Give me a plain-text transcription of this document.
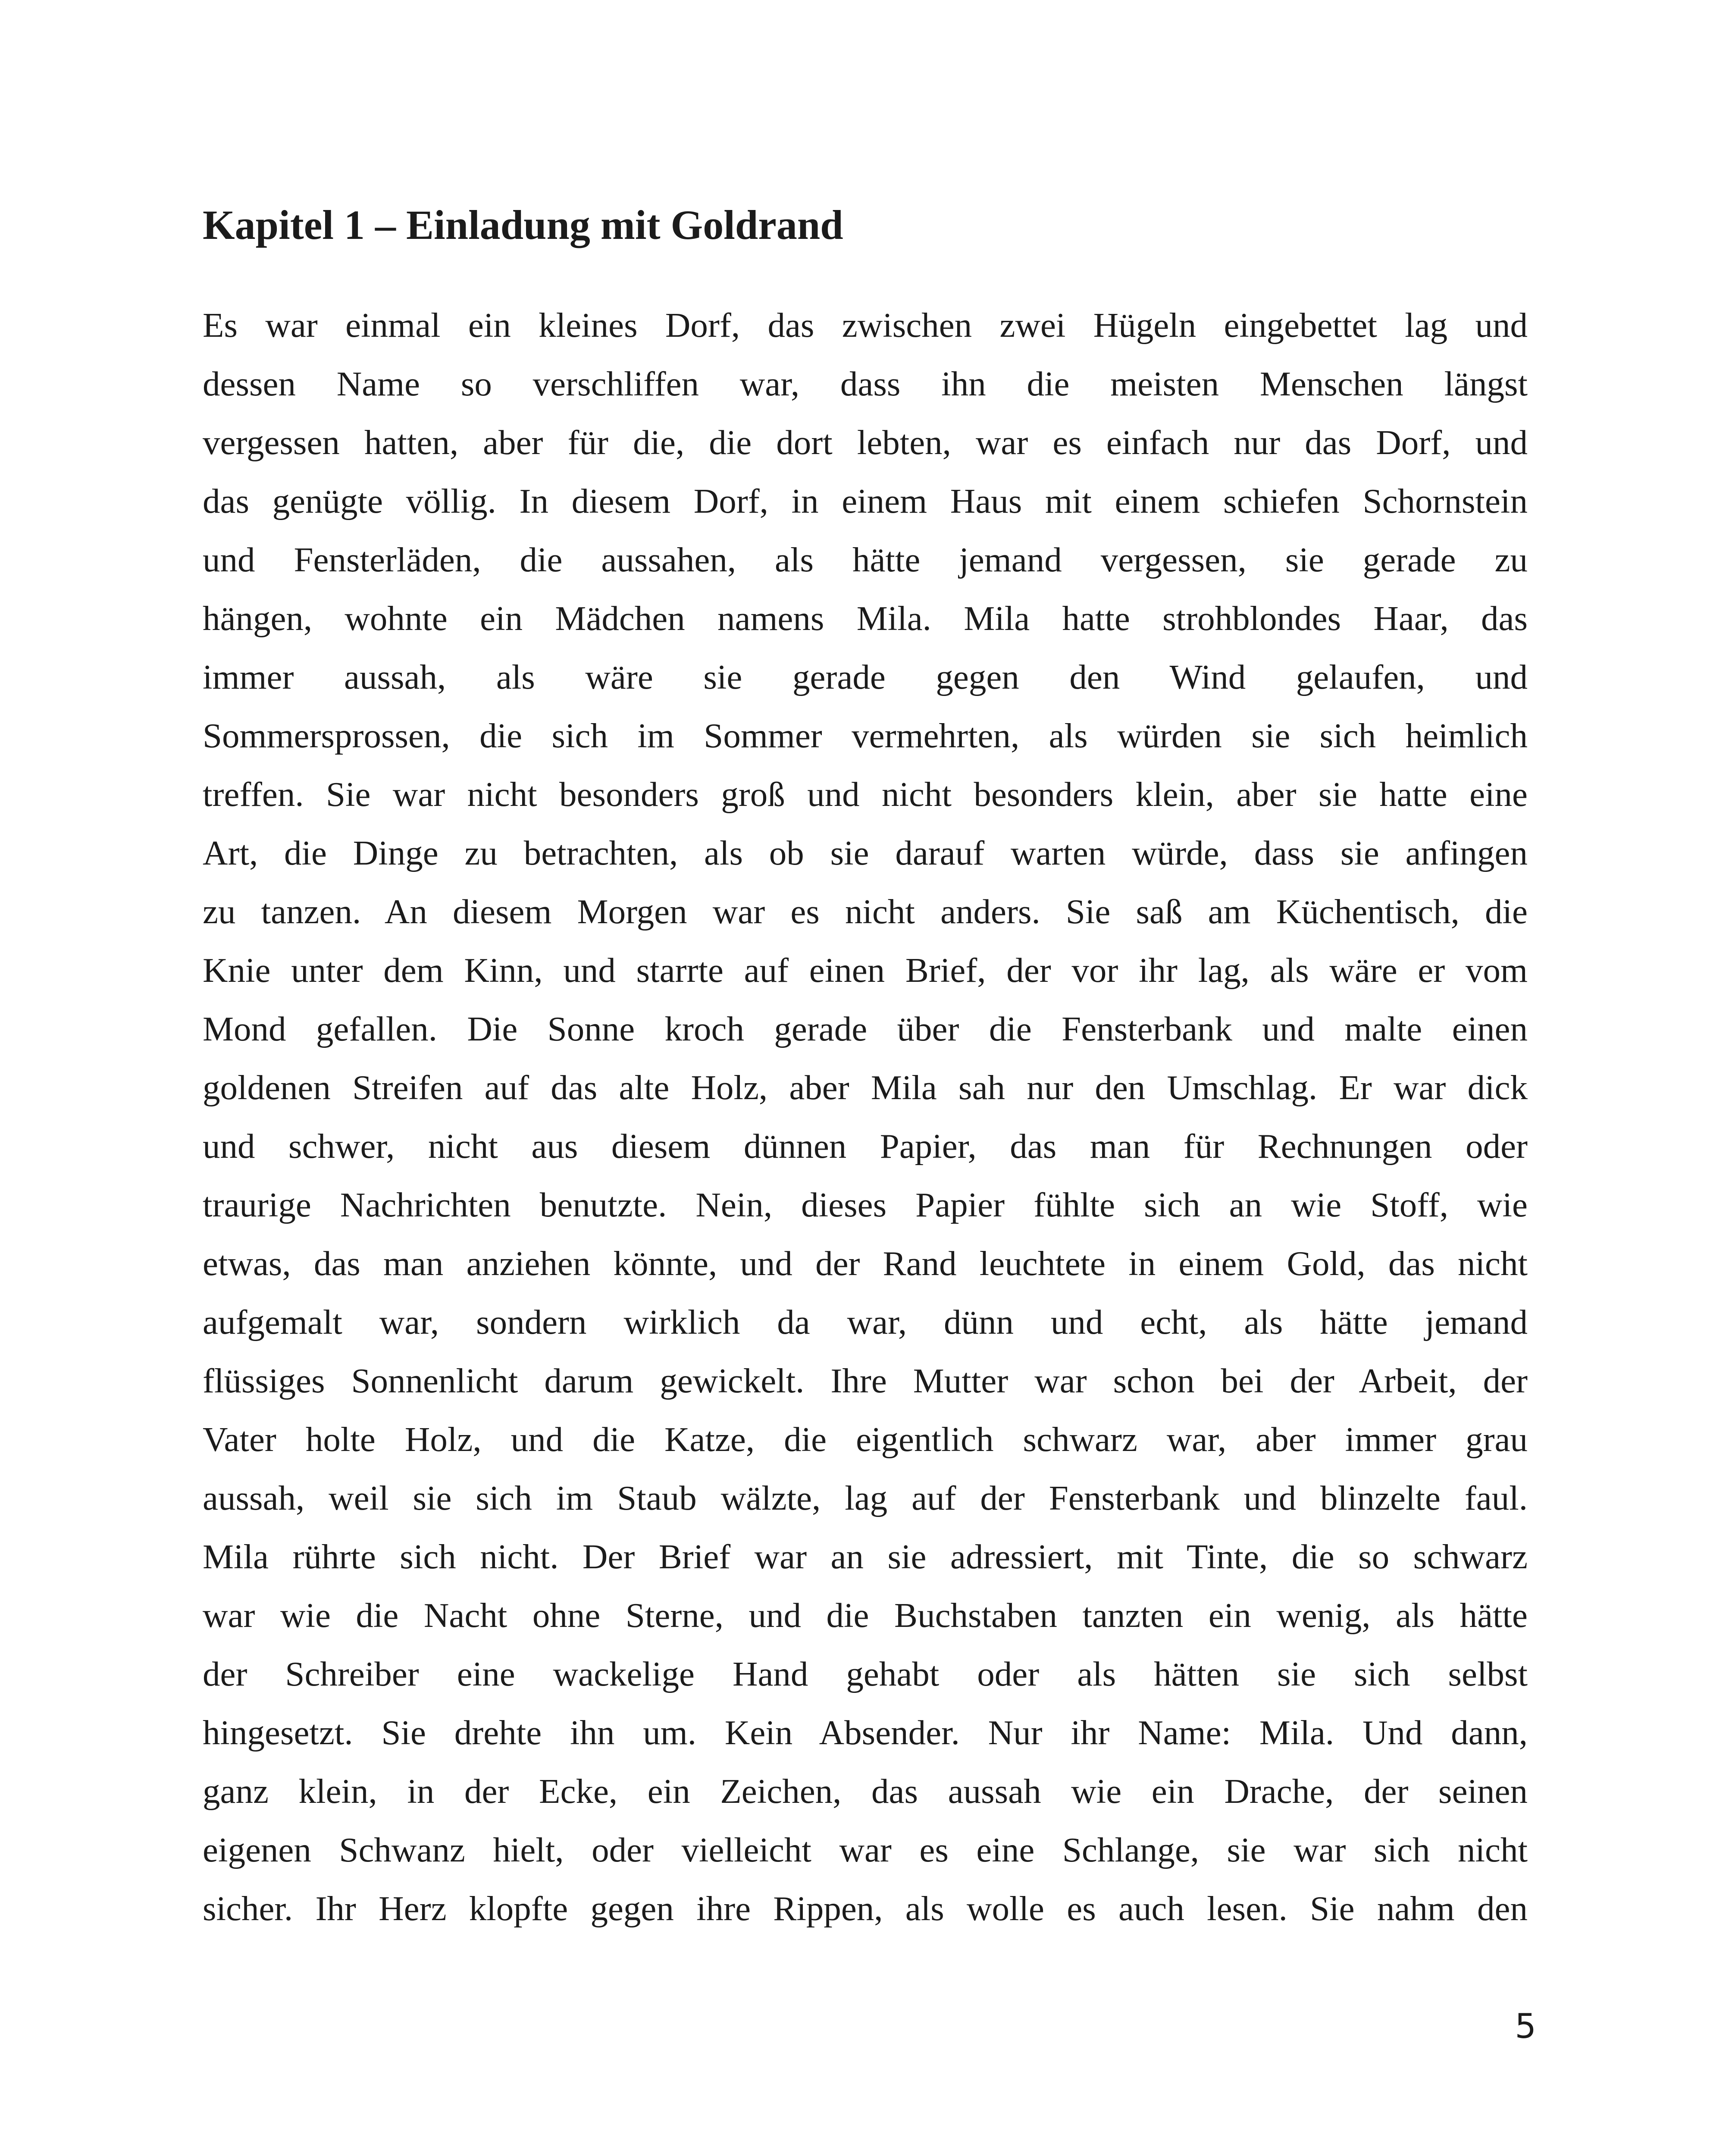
Kapitel 1 – Einladung mit Goldrand
Es war einmal ein kleines Dorf, das zwischen zwei Hügeln eingebettet lag und
dessen Name so verschliffen war, dass ihn die meisten Menschen längst
vergessen hatten, aber für die, die dort lebten, war es einfach nur das Dorf, und
das genügte völlig. In diesem Dorf, in einem Haus mit einem schiefen Schornstein
und Fensterläden, die aussahen, als hätte jemand vergessen, sie gerade zu
hängen, wohnte ein Mädchen namens Mila. Mila hatte strohblondes Haar, das
immer aussah, als wäre sie gerade gegen den Wind gelaufen, und
Sommersprossen, die sich im Sommer vermehrten, als würden sie sich heimlich
treffen. Sie war nicht besonders groß und nicht besonders klein, aber sie hatte eine
Art, die Dinge zu betrachten, als ob sie darauf warten würde, dass sie anfingen
zu tanzen. An diesem Morgen war es nicht anders. Sie saß am Küchentisch, die
Knie unter dem Kinn, und starrte auf einen Brief, der vor ihr lag, als wäre er vom
Mond gefallen. Die Sonne kroch gerade über die Fensterbank und malte einen
goldenen Streifen auf das alte Holz, aber Mila sah nur den Umschlag. Er war dick
und schwer, nicht aus diesem dünnen Papier, das man für Rechnungen oder
traurige Nachrichten benutzte. Nein, dieses Papier fühlte sich an wie Stoff, wie
etwas, das man anziehen könnte, und der Rand leuchtete in einem Gold, das nicht
aufgemalt war, sondern wirklich da war, dünn und echt, als hätte jemand
flüssiges Sonnenlicht darum gewickelt. Ihre Mutter war schon bei der Arbeit, der
Vater holte Holz, und die Katze, die eigentlich schwarz war, aber immer grau
aussah, weil sie sich im Staub wälzte, lag auf der Fensterbank und blinzelte faul.
Mila rührte sich nicht. Der Brief war an sie adressiert, mit Tinte, die so schwarz
war wie die Nacht ohne Sterne, und die Buchstaben tanzten ein wenig, als hätte
der Schreiber eine wackelige Hand gehabt oder als hätten sie sich selbst
hingesetzt. Sie drehte ihn um. Kein Absender. Nur ihr Name: Mila. Und dann,
ganz klein, in der Ecke, ein Zeichen, das aussah wie ein Drache, der seinen
eigenen Schwanz hielt, oder vielleicht war es eine Schlange, sie war sich nicht
sicher. Ihr Herz klopfte gegen ihre Rippen, als wolle es auch lesen. Sie nahm den
5
